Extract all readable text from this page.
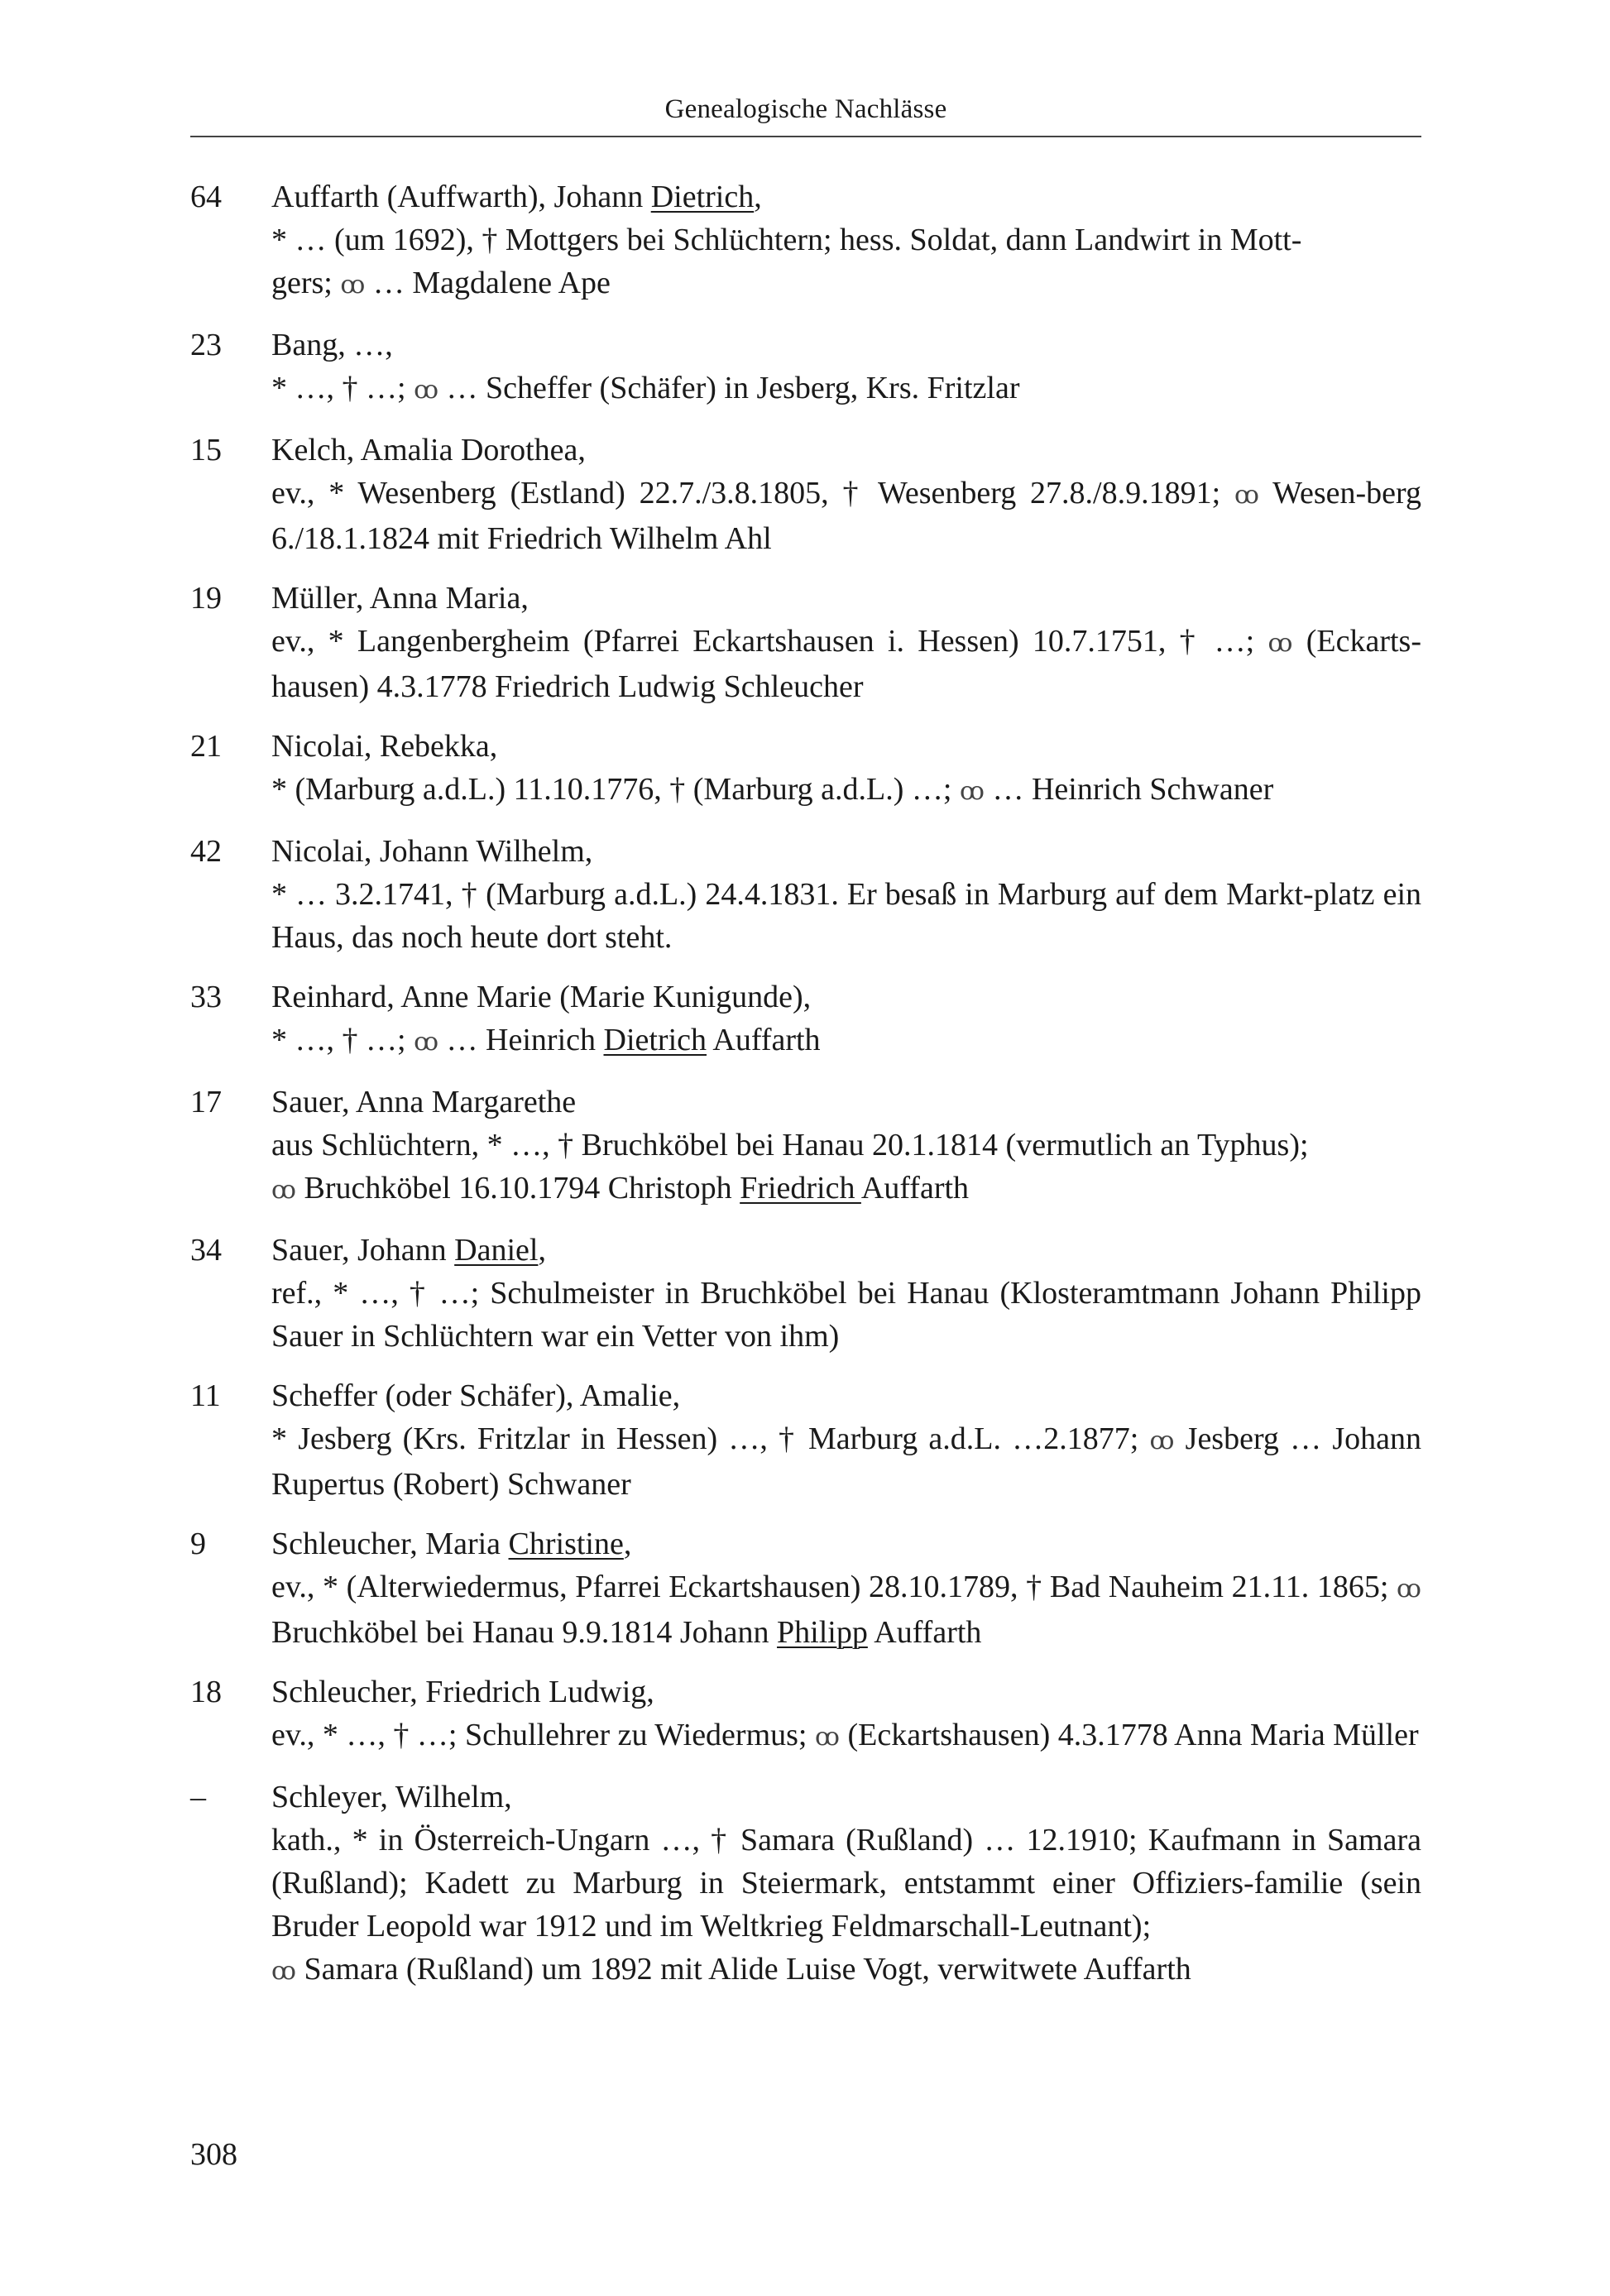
Genealogische Nachlässe
64	Auffarth (Auffwarth), Johann Dietrich,
* … (um 1692), † Mottgers bei Schlüchtern; hess. Soldat, dann Landwirt in Mott-
gers; ꝏ … Magdalene Ape
23	Bang, …,
* …, † …; ꝏ … Scheffer (Schäfer) in Jesberg, Krs. Fritzlar
15	Kelch, Amalia Dorothea,
ev., * Wesenberg (Estland) 22.7./3.8.1805, † Wesenberg 27.8./8.9.1891; ꝏ Wesen-berg 6./18.1.1824 mit Friedrich Wilhelm Ahl
19	Müller, Anna Maria,
ev., * Langenbergheim (Pfarrei Eckartshausen i. Hessen) 10.7.1751, † …; ꝏ (Eckarts-hausen) 4.3.1778 Friedrich Ludwig Schleucher
21	Nicolai, Rebekka,
* (Marburg a.d.L.) 11.10.1776, † (Marburg a.d.L.) …; ꝏ … Heinrich Schwaner
42	Nicolai, Johann Wilhelm,
* … 3.2.1741, † (Marburg a.d.L.) 24.4.1831. Er besaß in Marburg auf dem Markt-platz ein Haus, das noch heute dort steht.
33	Reinhard, Anne Marie (Marie Kunigunde),
* …, † …; ꝏ … Heinrich Dietrich Auffarth
17	Sauer, Anna Margarethe
aus Schlüchtern, * …, † Bruchköbel bei Hanau 20.1.1814 (vermutlich an Typhus);
ꝏ Bruchköbel 16.10.1794 Christoph Friedrich Auffarth
34	Sauer, Johann Daniel,
ref., * …, † …; Schulmeister in Bruchköbel bei Hanau (Klosteramtmann Johann Philipp Sauer in Schlüchtern war ein Vetter von ihm)
11	Scheffer (oder Schäfer), Amalie,
* Jesberg (Krs. Fritzlar in Hessen) …, † Marburg a.d.L. …2.1877; ꝏ Jesberg … Johann Rupertus (Robert) Schwaner
9	Schleucher, Maria Christine,
ev., * (Alterwiedermus, Pfarrei Eckartshausen) 28.10.1789, † Bad Nauheim 21.11. 1865; ꝏ Bruchköbel bei Hanau 9.9.1814 Johann Philipp Auffarth
18	Schleucher, Friedrich Ludwig,
ev., * …, † …; Schullehrer zu Wiedermus; ꝏ (Eckartshausen) 4.3.1778 Anna Maria Müller
–	Schleyer, Wilhelm,
kath., * in Österreich-Ungarn …, † Samara (Rußland) … 12.1910; Kaufmann in Samara (Rußland); Kadett zu Marburg in Steiermark, entstammt einer Offiziers-familie (sein Bruder Leopold war 1912 und im Weltkrieg Feldmarschall-Leutnant);
ꝏ Samara (Rußland) um 1892 mit Alide Luise Vogt, verwitwete Auffarth
308
